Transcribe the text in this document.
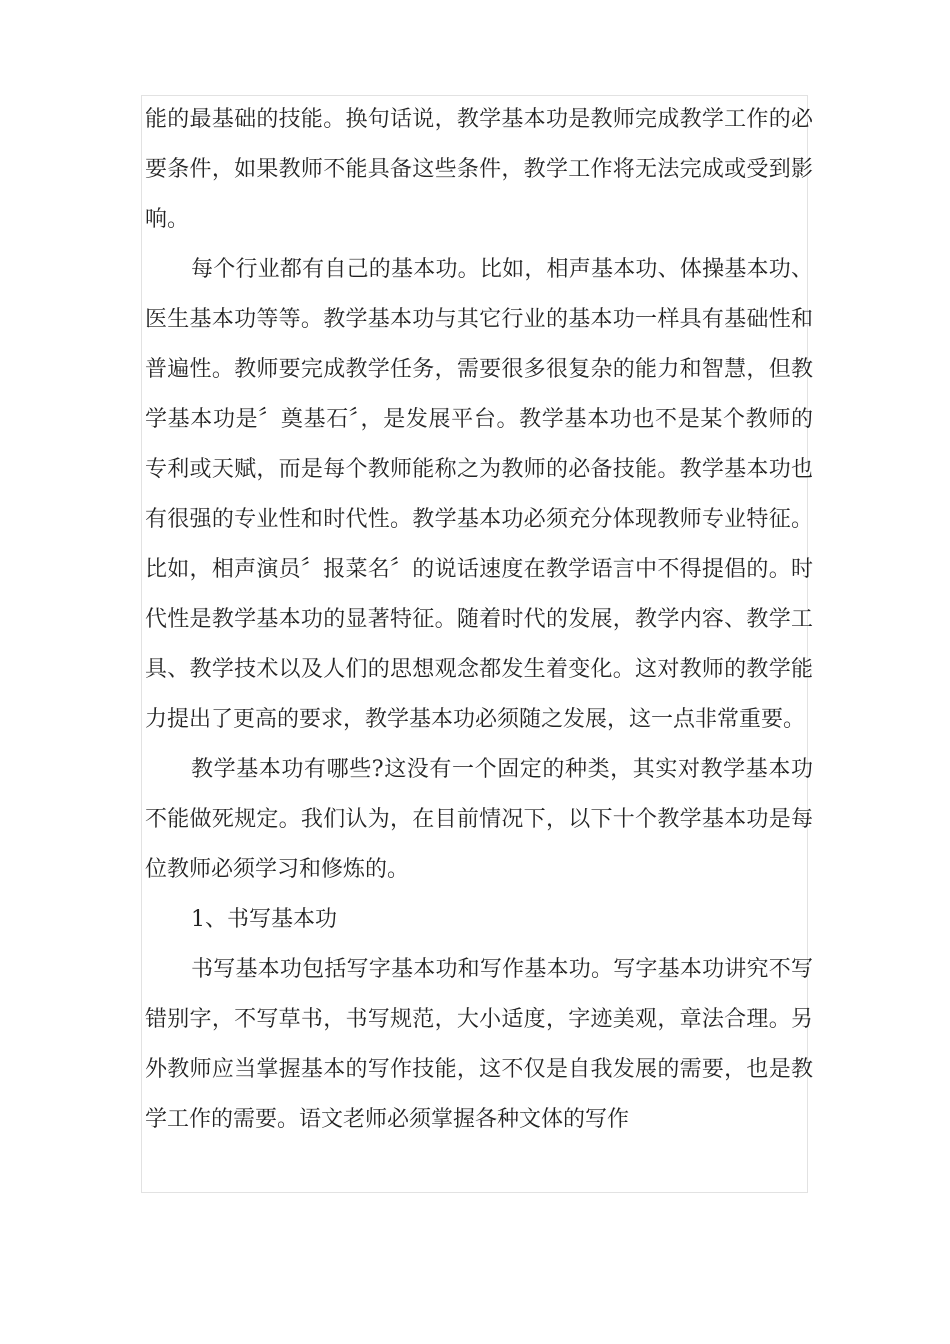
能的最基础的技能。换句话说，教学基本功是教师完成教学工作的必要条件，如果教师不能具备这些条件，教学工作将无法完成或受到影响。

每个行业都有自己的基本功。比如，相声基本功、体操基本功、医生基本功等等。教学基本功与其它行业的基本功一样具有基础性和普遍性。教师要完成教学任务，需要很多很复杂的能力和智慧，但教学基本功是〞奠基石〞，是发展平台。教学基本功也不是某个教师的专利或天赋，而是每个教师能称之为教师的必备技能。教学基本功也有很强的专业性和时代性。教学基本功必须充分体现教师专业特征。比如，相声演员〞报菜名〞的说话速度在教学语言中不得提倡的。时代性是教学基本功的显著特征。随着时代的发展，教学内容、教学工具、教学技术以及人们的思想观念都发生着变化。这对教师的教学能力提出了更高的要求，教学基本功必须随之发展，这一点非常重要。

教学基本功有哪些?这没有一个固定的种类，其实对教学基本功不能做死规定。我们认为，在目前情况下，以下十个教学基本功是每位教师必须学习和修炼的。

1、书写基本功

书写基本功包括写字基本功和写作基本功。写字基本功讲究不写错别字，不写草书，书写规范，大小适度，字迹美观，章法合理。另外教师应当掌握基本的写作技能，这不仅是自我发展的需要，也是教学工作的需要。语文老师必须掌握各种文体的写作
